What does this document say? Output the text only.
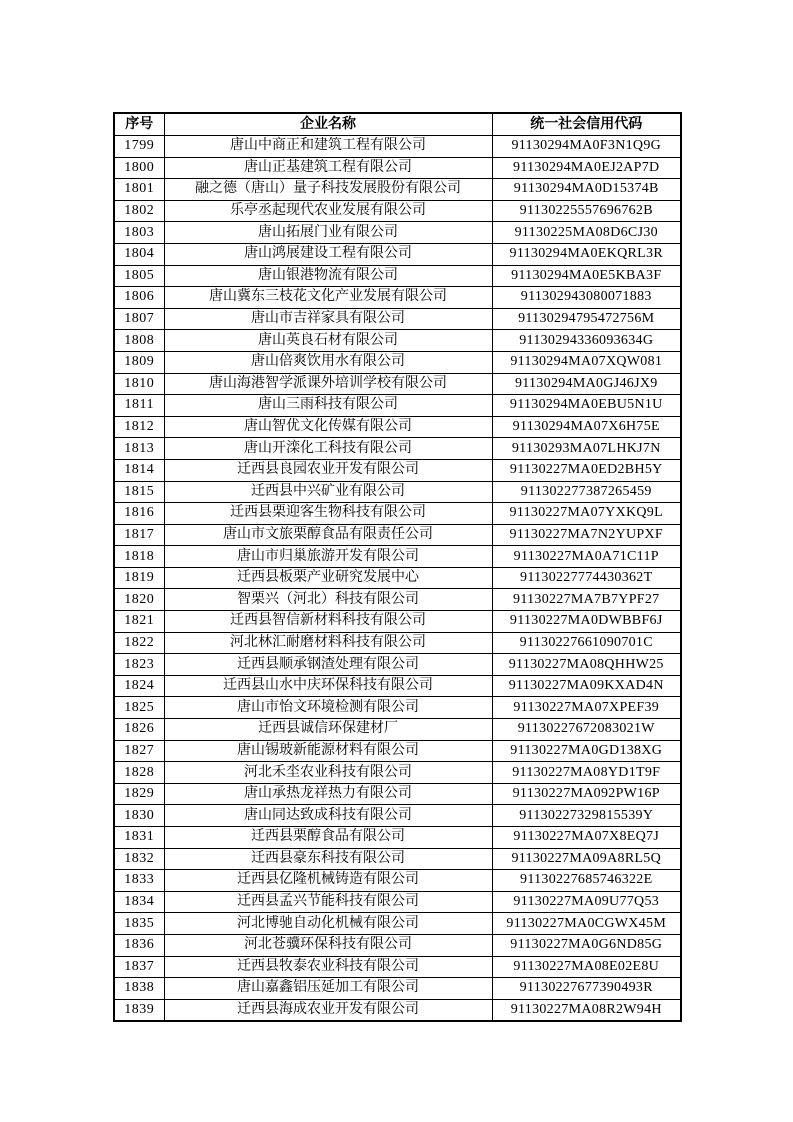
序号	企业名称	统一社会信用代码
1799	唐山中商正和建筑工程有限公司	91130294MA0F3N1Q9G
1800	唐山正基建筑工程有限公司	91130294MA0EJ2AP7D
1801	融之德（唐山）量子科技发展股份有限公司	91130294MA0D15374B
1802	乐亭丞起现代农业发展有限公司	91130225557696762B
1803	唐山拓展门业有限公司	91130225MA08D6CJ30
1804	唐山鸿展建设工程有限公司	91130294MA0EKQRL3R
1805	唐山银港物流有限公司	91130294MA0E5KBA3F
1806	唐山冀东三枝花文化产业发展有限公司	911302943080071883
1807	唐山市吉祥家具有限公司	91130294795472756M
1808	唐山英良石材有限公司	91130294336093634G
1809	唐山倍爽饮用水有限公司	91130294MA07XQW081
1810	唐山海港智学派课外培训学校有限公司	91130294MA0GJ46JX9
1811	唐山三雨科技有限公司	91130294MA0EBU5N1U
1812	唐山智优文化传媒有限公司	91130294MA07X6H75E
1813	唐山开滦化工科技有限公司	91130293MA07LHKJ7N
1814	迁西县良园农业开发有限公司	91130227MA0ED2BH5Y
1815	迁西县中兴矿业有限公司	911302277387265459
1816	迁西县栗迎客生物科技有限公司	91130227MA07YXKQ9L
1817	唐山市文旅栗醇食品有限责任公司	91130227MA7N2YUPXF
1818	唐山市归巢旅游开发有限公司	91130227MA0A71C11P
1819	迁西县板栗产业研究发展中心	91130227774430362T
1820	智栗兴（河北）科技有限公司	91130227MA7B7YPF27
1821	迁西县智信新材料科技有限公司	91130227MA0DWBBF6J
1822	河北林汇耐磨材料科技有限公司	91130227661090701C
1823	迁西县顺承钢渣处理有限公司	91130227MA08QHHW25
1824	迁西县山水中庆环保科技有限公司	91130227MA09KXAD4N
1825	唐山市怡文环境检测有限公司	91130227MA07XPEF39
1826	迁西县诚信环保建材厂	91130227672083021W
1827	唐山锡玻新能源材料有限公司	91130227MA0GD138XG
1828	河北禾坔农业科技有限公司	91130227MA08YD1T9F
1829	唐山承热龙祥热力有限公司	91130227MA092PW16P
1830	唐山同达致成科技有限公司	91130227329815539Y
1831	迁西县栗醇食品有限公司	91130227MA07X8EQ7J
1832	迁西县豪东科技有限公司	91130227MA09A8RL5Q
1833	迁西县亿隆机械铸造有限公司	91130227685746322E
1834	迁西县孟兴节能科技有限公司	91130227MA09U77Q53
1835	河北博驰自动化机械有限公司	91130227MA0CGWX45M
1836	河北苍骥环保科技有限公司	91130227MA0G6ND85G
1837	迁西县牧泰农业科技有限公司	91130227MA08E02E8U
1838	唐山嘉鑫铝压延加工有限公司	91130227677390493R
1839	迁西县海成农业开发有限公司	91130227MA08R2W94H
